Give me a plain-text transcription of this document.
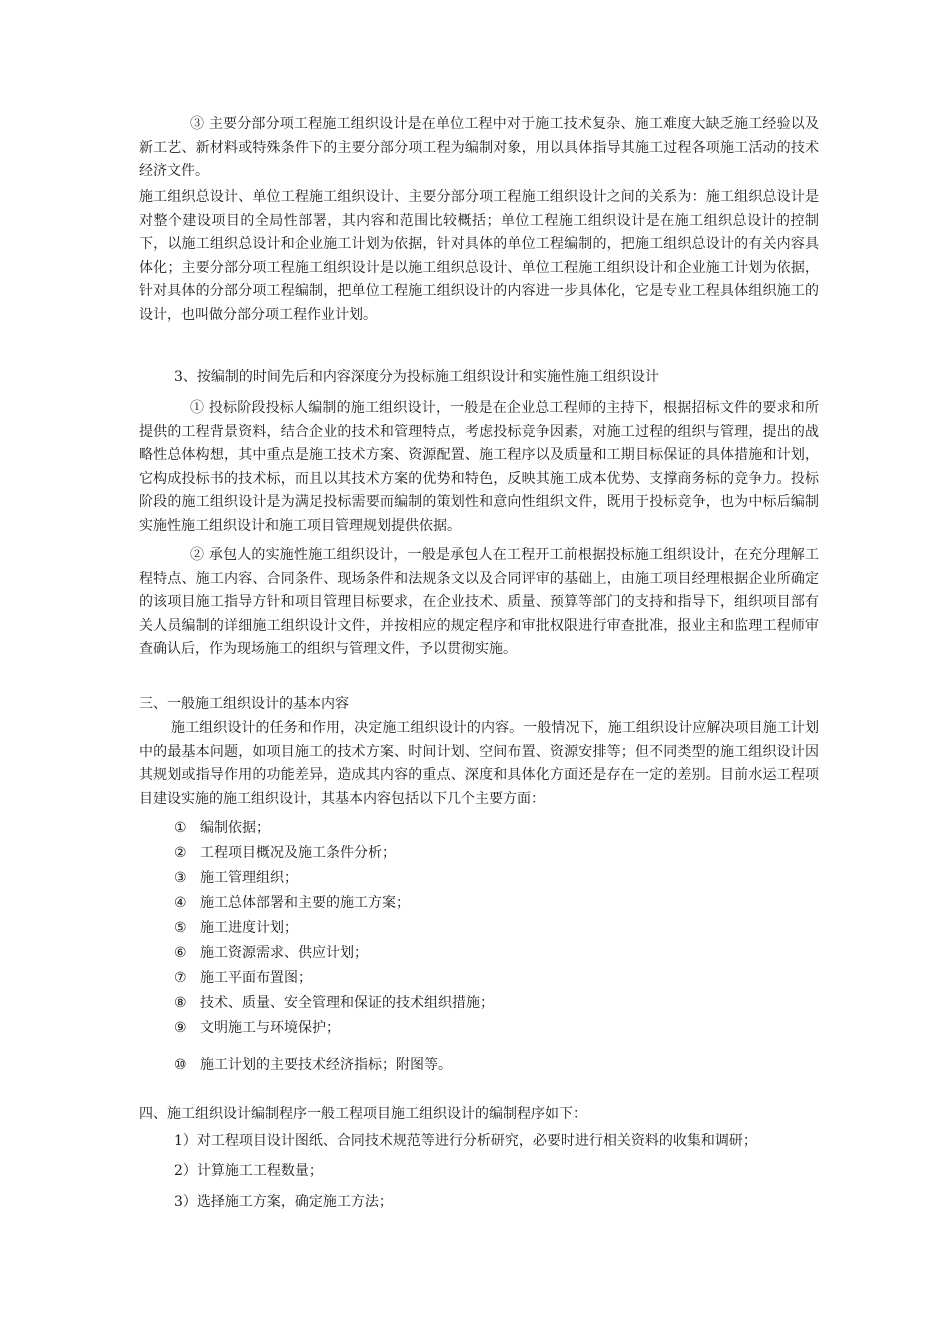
③ 主要分部分项工程施工组织设计是在单位工程中对于施工技术复杂、施工难度大缺乏施工经验以及新工艺、新材料或特殊条件下的主要分部分项工程为编制对象，用以具体指导其施工过程各项施工活动的技术经济文件。

施工组织总设计、单位工程施工组织设计、主要分部分项工程施工组织设计之间的关系为：施工组织总设计是对整个建设项目的全局性部署，其内容和范围比较概括；单位工程施工组织设计是在施工组织总设计的控制下，以施工组织总设计和企业施工计划为依据，针对具体的单位工程编制的，把施工组织总设计的有关内容具体化；主要分部分项工程施工组织设计是以施工组织总设计、单位工程施工组织设计和企业施工计划为依据，针对具体的分部分项工程编制，把单位工程施工组织设计的内容进一步具体化，它是专业工程具体组织施工的设计，也叫做分部分项工程作业计划。

3、按编制的时间先后和内容深度分为投标施工组织设计和实施性施工组织设计

① 投标阶段投标人编制的施工组织设计，一般是在企业总工程师的主持下，根据招标文件的要求和所提供的工程背景资料，结合企业的技术和管理特点，考虑投标竞争因素，对施工过程的组织与管理，提出的战略性总体构想，其中重点是施工技术方案、资源配置、施工程序以及质量和工期目标保证的具体措施和计划，它构成投标书的技术标，而且以其技术方案的优势和特色，反映其施工成本优势、支撑商务标的竞争力。投标阶段的施工组织设计是为满足投标需要而编制的策划性和意向性组织文件，既用于投标竞争，也为中标后编制实施性施工组织设计和施工项目管理规划提供依据。

② 承包人的实施性施工组织设计，一般是承包人在工程开工前根据投标施工组织设计，在充分理解工程特点、施工内容、合同条件、现场条件和法规条文以及合同评审的基础上，由施工项目经理根据企业所确定的该项目施工指导方针和项目管理目标要求，在企业技术、质量、预算等部门的支持和指导下，组织项目部有关人员编制的详细施工组织设计文件，并按相应的规定程序和审批权限进行审查批准，报业主和监理工程师审查确认后，作为现场施工的组织与管理文件，予以贯彻实施。

三、一般施工组织设计的基本内容

施工组织设计的任务和作用，决定施工组织设计的内容。一般情况下，施工组织设计应解决项目施工计划中的最基本问题，如项目施工的技术方案、时间计划、空间布置、资源安排等；但不同类型的施工组织设计因其规划或指导作用的功能差异，造成其内容的重点、深度和具体化方面还是存在一定的差别。目前水运工程项目建设实施的施工组织设计，其基本内容包括以下几个主要方面：

① 编制依据；
② 工程项目概况及施工条件分析；
③ 施工管理组织；
④ 施工总体部署和主要的施工方案；
⑤ 施工进度计划；
⑥ 施工资源需求、供应计划；
⑦ 施工平面布置图；
⑧ 技术、质量、安全管理和保证的技术组织措施；
⑨ 文明施工与环境保护；
⑩ 施工计划的主要技术经济指标；附图等。
四、施工组织设计编制程序一般工程项目施工组织设计的编制程序如下：
1）对工程项目设计图纸、合同技术规范等进行分析研究，必要时进行相关资料的收集和调研；
2）计算施工工程数量；
3）选择施工方案，确定施工方法；
